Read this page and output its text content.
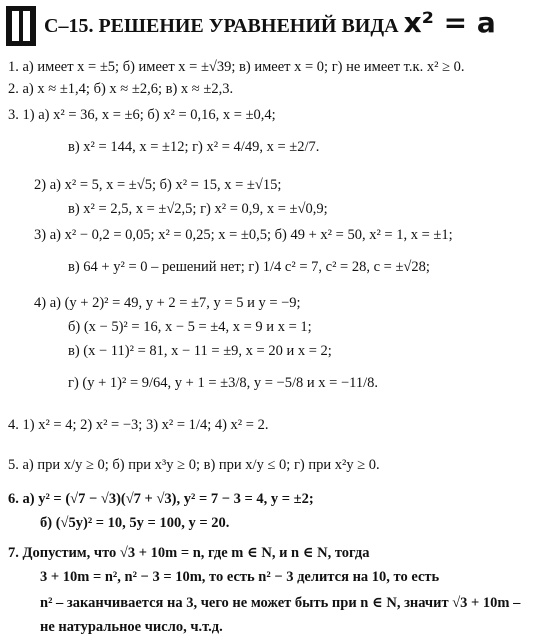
С–15. РЕШЕНИЕ УРАВНЕНИЙ ВИДА x² = a
1. а) имеет x = ±5; б) имеет x = ±√39; в) имеет x = 0; г) не имеет т.к. x² ≥ 0.
2. а) x ≈ ±1,4; б) x ≈ ±2,6; в) x ≈ ±2,3.
3. 1) а) x² = 36, x = ±6; б) x² = 0,16, x = ±0,4;
в) x² = 144, x = ±12; г) x² = 4/49, x = ±2/7.
2) а) x² = 5, x = ±√5; б) x² = 15, x = ±√15;
в) x² = 2,5, x = ±√2,5; г) x² = 0,9, x = ±√0,9;
3) а) x² − 0,2 = 0,05; x² = 0,25; x = ±0,5; б) 49 + x² = 50, x² = 1, x = ±1;
в) 64 + y² = 0 – решений нет; г) 1/4 c² = 7, c² = 28, c = ±√28;
4) а) (y + 2)² = 49, y + 2 = ±7, y = 5 и y = −9;
б) (x − 5)² = 16, x − 5 = ±4, x = 9 и x = 1;
в) (x − 11)² = 81, x − 11 = ±9, x = 20 и x = 2;
г) (y + 1)² = 9/64, y + 1 = ±3/8, y = −5/8 и x = −11/8.
4. 1) x² = 4; 2) x² = −3; 3) x² = 1/4; 4) x² = 2.
5. а) при x/y ≥ 0; б) при x³y ≥ 0; в) при x/y ≤ 0; г) при x²y ≥ 0.
6. а) y² = (√7 − √3)(√7 + √3), y² = 7 − 3 = 4, y = ±2;
б) (√5y)² = 10, 5y = 100, y = 20.
7. Допустим, что √3 + 10m = n, где m ∈ N, и n ∈ N, тогда
3 + 10m = n², n² − 3 = 10m, то есть n² − 3 делится на 10, то есть
n² – заканчивается на 3, чего не может быть при n ∈ N, значит √3 + 10m –
не натуральное число, ч.т.д.
